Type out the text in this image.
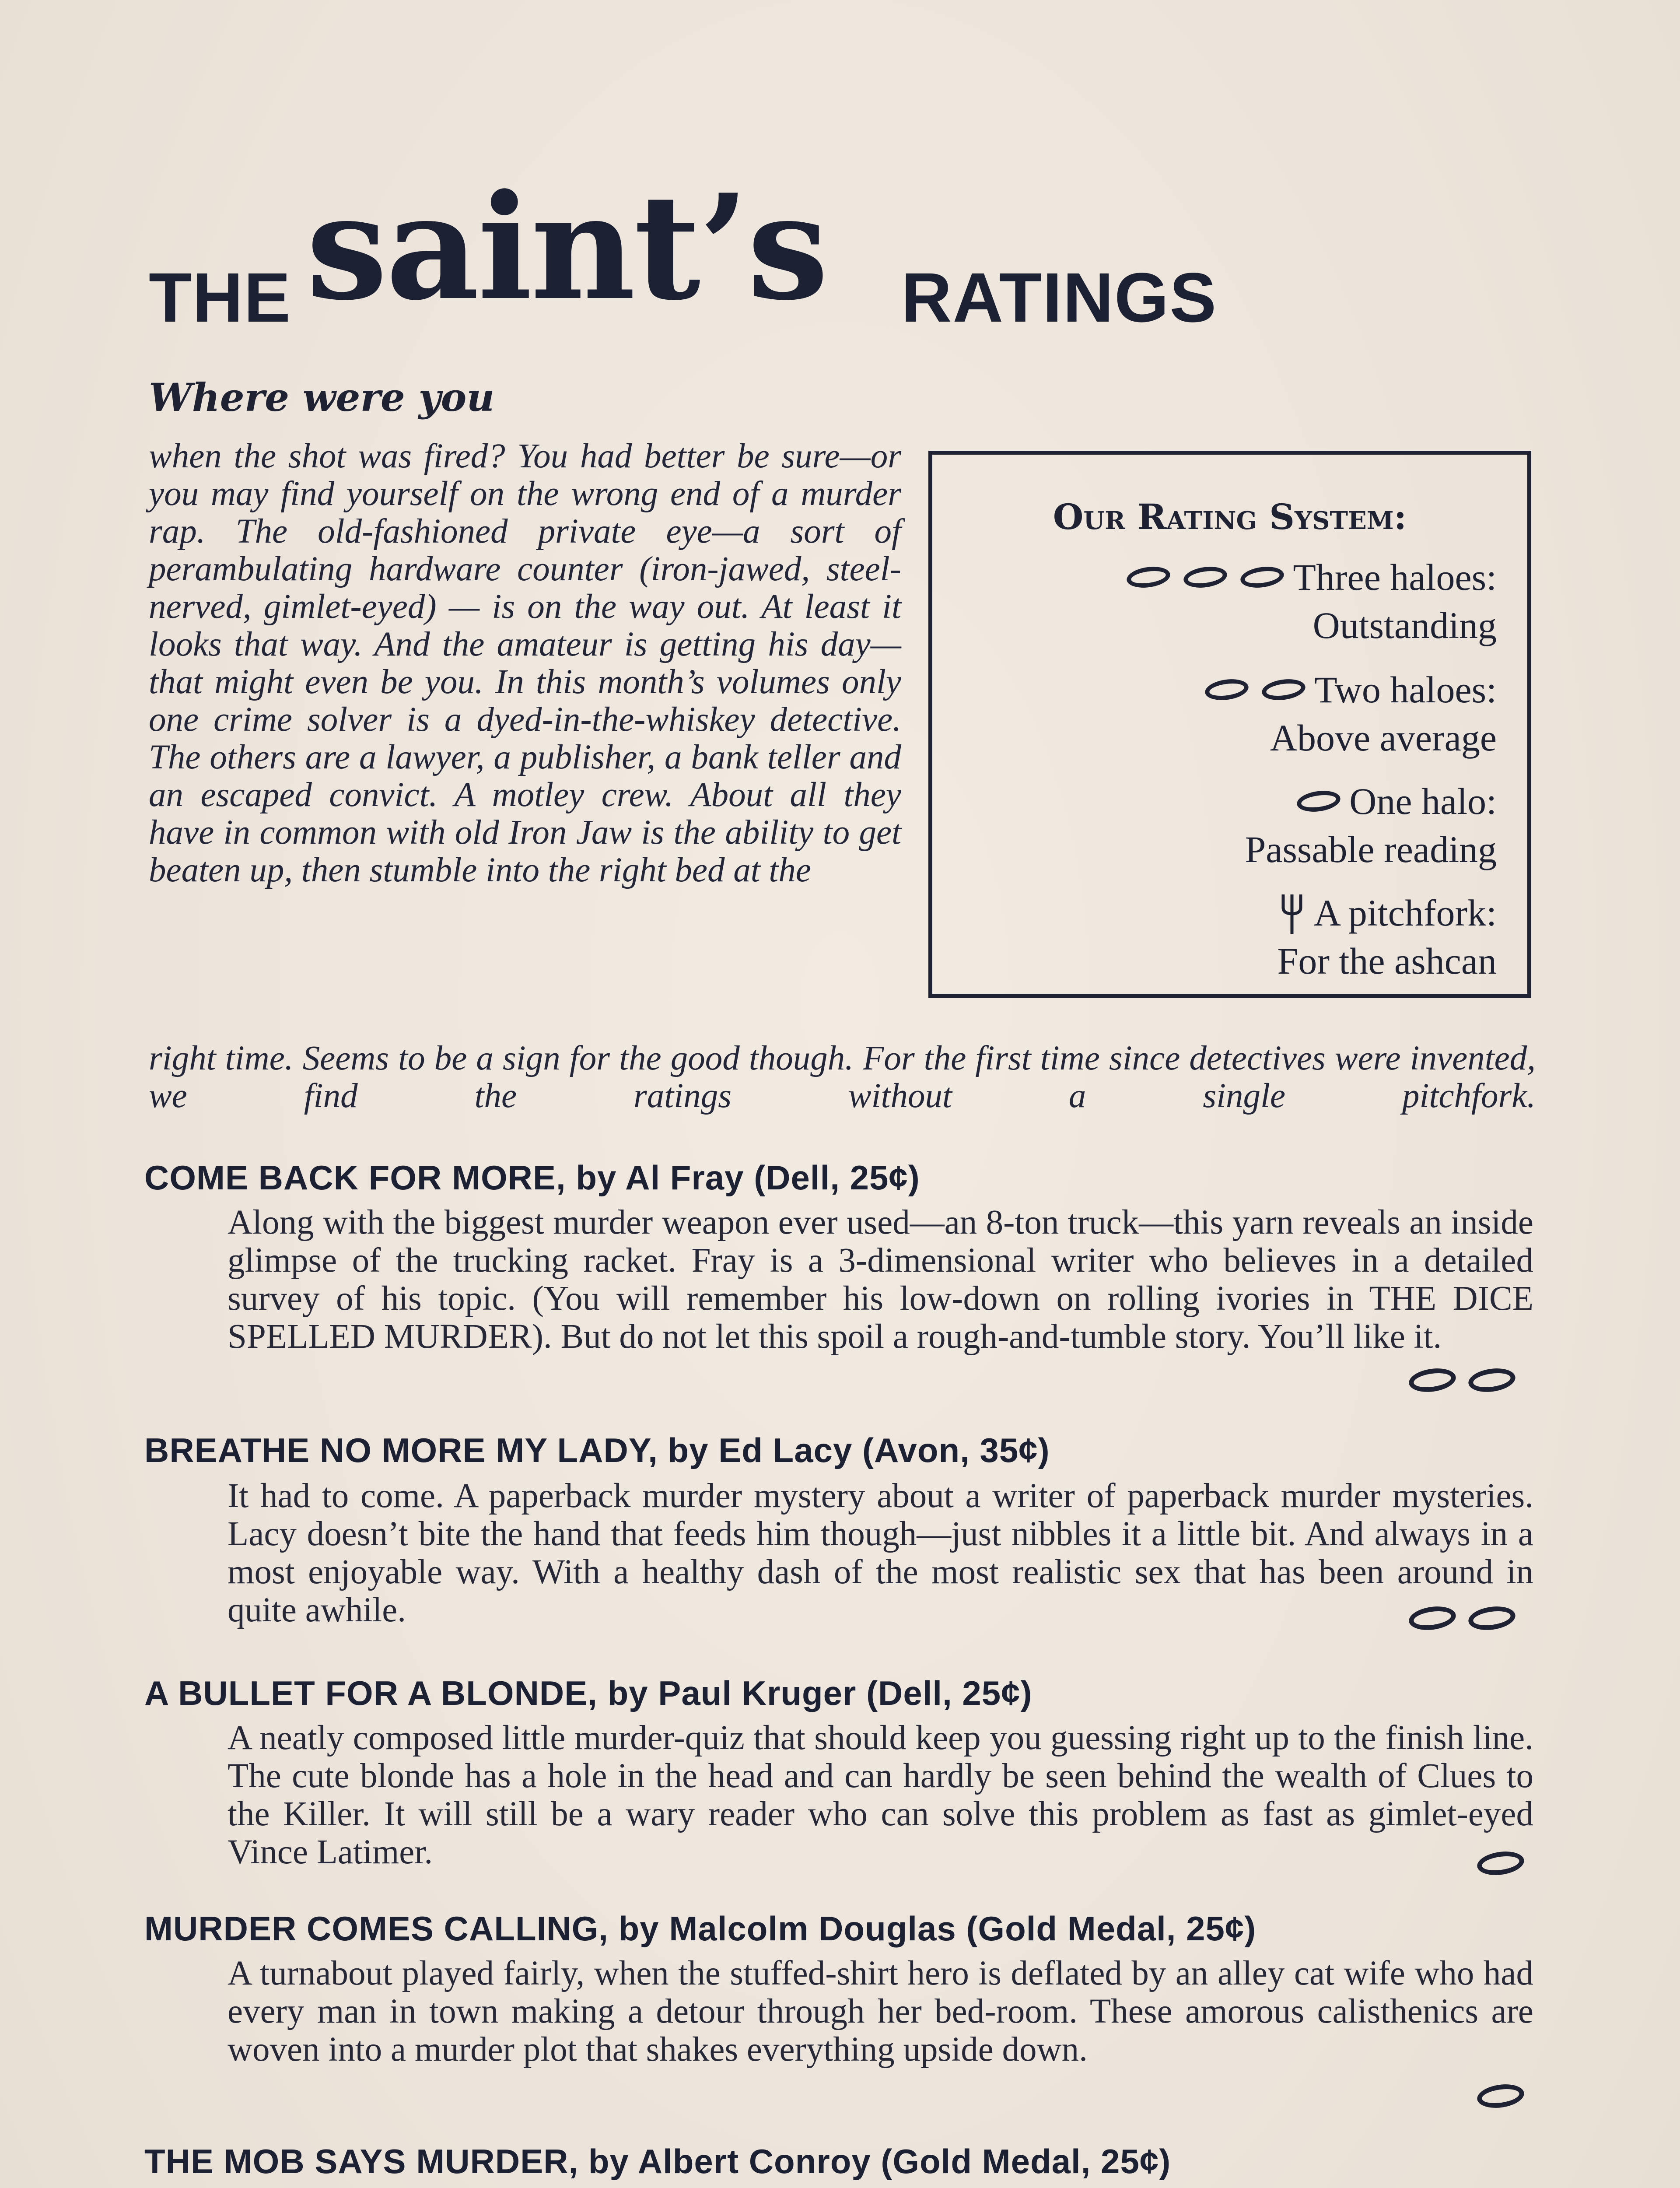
THE saint’s RATINGS
Where were you

when the shot was fired? You had better be sure—or you may find yourself on the wrong end of a murder rap. The old-fashioned private eye—a sort of perambulating hardware counter (iron-jawed, steel-nerved, gimlet-eyed) — is on the way out. At least it looks that way. And the amateur is getting his day—that might even be you. In this month’s volumes only one crime solver is a dyed-in-the-whiskey detective. The others are a lawyer, a publisher, a bank teller and an escaped convict. A motley crew. About all they have in common with old Iron Jaw is the ability to get beaten up, then stumble into the right bed at the

right time. Seems to be a sign for the good though. For the first time since detectives were invented, we find the ratings without a single pitchfork.

Our Rating System:
Three haloes:
Outstanding
Two haloes:
Above average
One halo:
Passable reading
A pitchfork:
For the ashcan
COME BACK FOR MORE, by Al Fray (Dell, 25¢)

Along with the biggest murder weapon ever used—an 8-ton truck—this yarn reveals an inside glimpse of the trucking racket. Fray is a 3-dimensional writer who believes in a detailed survey of his topic. (You will remember his low-down on rolling ivories in THE DICE SPELLED MURDER). But do not let this spoil a rough-and-tumble story. You’ll like it.

BREATHE NO MORE MY LADY, by Ed Lacy (Avon, 35¢)

It had to come. A paperback murder mystery about a writer of paperback murder mysteries. Lacy doesn’t bite the hand that feeds him though—just nibbles it a little bit. And always in a most enjoyable way. With a healthy dash of the most realistic sex that has been around in quite awhile.

A BULLET FOR A BLONDE, by Paul Kruger (Dell, 25¢)

A neatly composed little murder-quiz that should keep you guessing right up to the finish line. The cute blonde has a hole in the head and can hardly be seen behind the wealth of Clues to the Killer. It will still be a wary reader who can solve this problem as fast as gimlet-eyed Vince Latimer.

MURDER COMES CALLING, by Malcolm Douglas (Gold Medal, 25¢)

A turnabout played fairly, when the stuffed-shirt hero is deflated by an alley cat wife who had every man in town making a detour through her bed-room. These amorous calisthenics are woven into a murder plot that shakes everything upside down.

THE MOB SAYS MURDER, by Albert Conroy (Gold Medal, 25¢)
